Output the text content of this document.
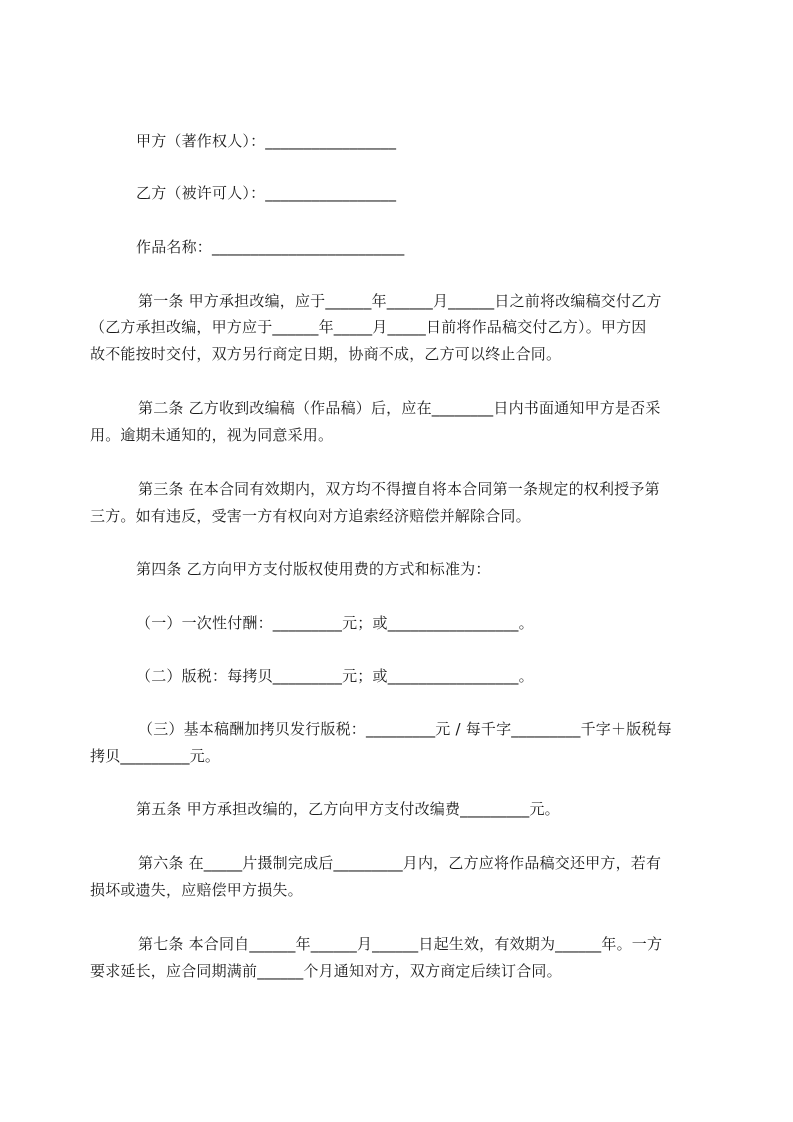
甲方（著作权人）：_________________
乙方（被许可人）：_________________
作品名称：_________________________
第一条 甲方承担改编，应于______年______月______日之前将改编稿交付乙方
（乙方承担改编，甲方应于______年_____月_____日前将作品稿交付乙方）。甲方因
故不能按时交付，双方另行商定日期，协商不成，乙方可以终止合同。
第二条 乙方收到改编稿（作品稿）后，应在________日内书面通知甲方是否采
用。逾期未通知的，视为同意采用。
第三条 在本合同有效期内，双方均不得擅自将本合同第一条规定的权利授予第
三方。如有违反，受害一方有权向对方追索经济赔偿并解除合同。
第四条 乙方向甲方支付版权使用费的方式和标准为：
（一）一次性付酬：_________元；或_________________。
（二）版税：每拷贝_________元；或_________________。
（三）基本稿酬加拷贝发行版税：_________元 / 每千字_________千字＋版税每
拷贝_________元。
第五条 甲方承担改编的，乙方向甲方支付改编费_________元。
第六条 在_____片摄制完成后_________月内，乙方应将作品稿交还甲方，若有
损坏或遗失，应赔偿甲方损失。
第七条 本合同自______年______月______日起生效，有效期为______年。一方
要求延长，应合同期满前______个月通知对方，双方商定后续订合同。
